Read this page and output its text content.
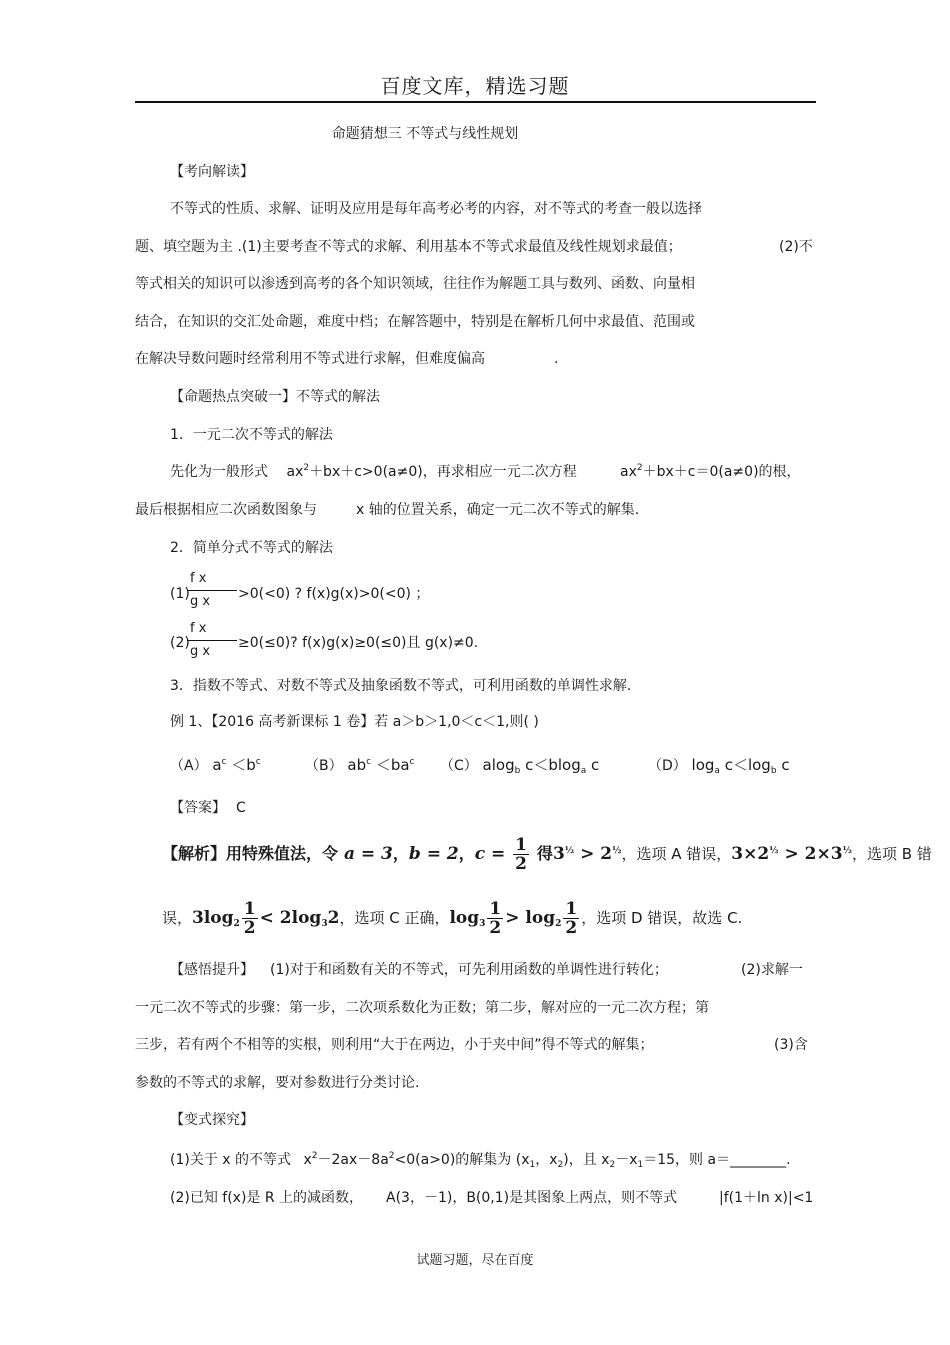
百度文库，精选习题
命题猜想三 不等式与线性规划
【考向解读】
不等式的性质、求解、证明及应用是每年高考必考的内容，对不等式的考查一般以选择
题、填空题为主 .(1)主要考查不等式的求解、利用基本不等式求最值及线性规划求最值；	(2)不
等式相关的知识可以渗透到高考的各个知识领域，往往作为解题工具与数列、函数、向量相
结合，在知识的交汇处命题，难度中档；在解答题中，特别是在解析几何中求最值、范围或
在解决导数问题时经常利用不等式进行求解，但难度偏高	.
【命题热点突破一】不等式的解法
1．一元二次不等式的解法
先化为一般形式 $ax^2+bx+c>0(a\ne 0)$，再求相应一元二次方程	$ax^2+bx+c=0(a\ne 0)$的根，
最后根据相应二次函数图象与	x 轴的位置关系，确定一元二次不等式的解集.
2．简单分式不等式的解法
(1)
f x
g x >0(<0) ? f(x)g(x)>0(<0) ；
(2)
f x
g x
≥0(≤0)? f(x)g(x)≥0(≤0)且 g(x)≠0.
3．指数不等式、对数不等式及抽象函数不等式，可利用函数的单调性求解.
例 1、【2016 高考新课标 1 卷】若 a＞b＞1,0＜c＜1,则( )
（A） $a^c <b^c$	（B） $ab^c <ba^c$ （C） alog$_b$ c＜blog$_a$ c	（D） $\log_a c<\log_b$ c
【答案】 C
【解析】用特殊值法，令 a = 3，b = 2，$c = \frac{1}{2}$ 得$3^{\frac{1}{2}} > 2^{\frac{1}{2}}$，选项 A 错误，$3\times 2^{\frac{1}{2}} > 2\times 3^{\frac{1}{2}}$，选项 B 错
误，$3\log_2 \frac{1}{2} < 2\log_32$，选项 C 正确，$\log_3 \frac{1}{2} > \log_2 \frac{1}{2}$ ，选项 D 错误，故选 C.
【感悟提升】 (1)对于和函数有关的不等式，可先利用函数的单调性进行转化；	(2)求解一
一元二次不等式的步骤：第一步，二次项系数化为正数；第二步，解对应的一元二次方程；第
三步，若有两个不相等的实根，则利用“大于在两边，小于夹中间”得不等式的解集；	(3)含
参数的不等式的求解，要对参数进行分类讨论.
【变式探究】
(1)关于 x 的不等式 $x^2-2ax-8a^2<0(a>0)$的解集为 ($x_1$，$x_2$)，且 $x_2-x_1=15$，则 a＝________.
(2)已知 f(x)是 R 上的减函数， A(3，－1)，B(0,1)是其图象上两点，则不等式	|f(1＋ln x)|<1
试题习题，尽在百度
